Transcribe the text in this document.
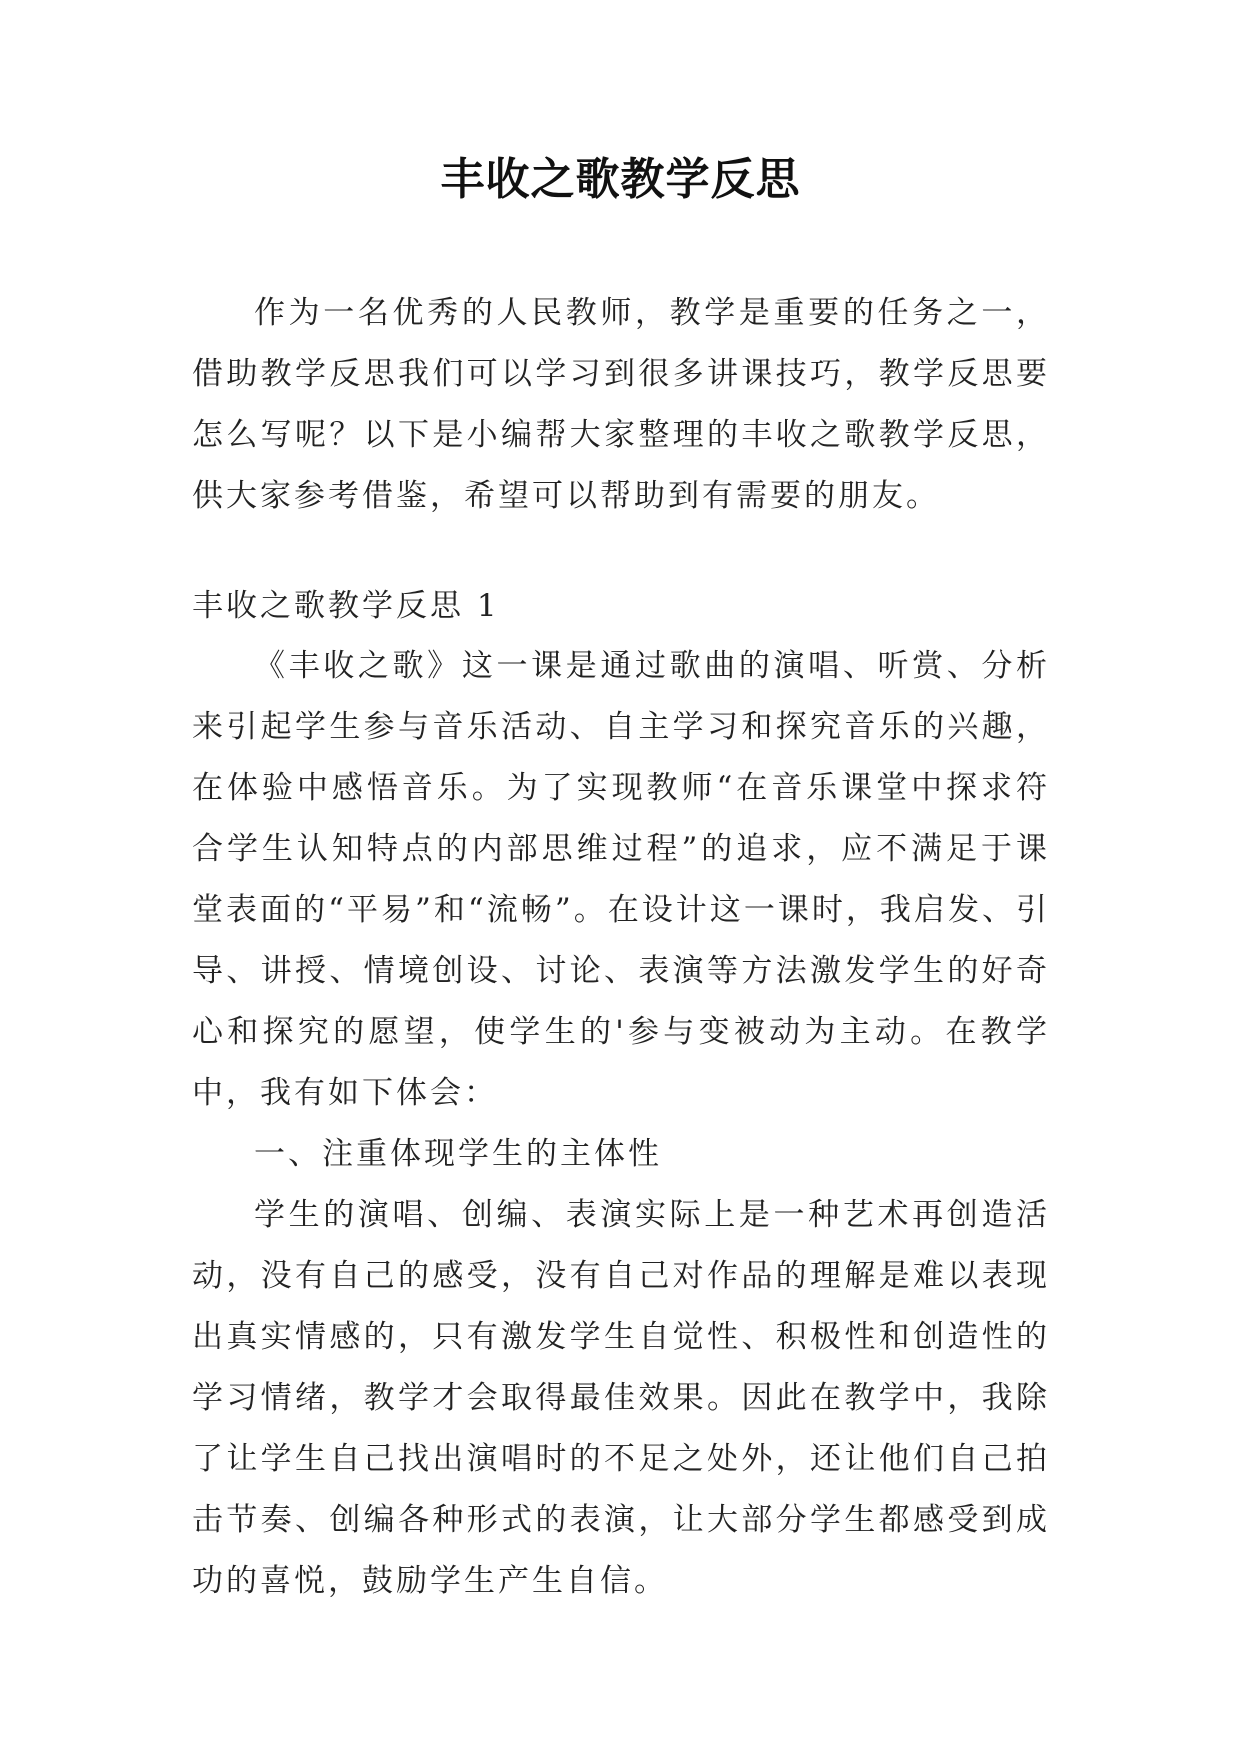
丰收之歌教学反思
作为一名优秀的人民教师，教学是重要的任务之一，借助教学反思我们可以学习到很多讲课技巧，教学反思要怎么写呢？以下是小编帮大家整理的丰收之歌教学反思，供大家参考借鉴，希望可以帮助到有需要的朋友。
丰收之歌教学反思 1

《丰收之歌》这一课是通过歌曲的演唱、听赏、分析来引起学生参与音乐活动、自主学习和探究音乐的兴趣，在体验中感悟音乐。为了实现教师“在音乐课堂中探求符合学生认知特点的内部思维过程”的追求，应不满足于课堂表面的“平易”和“流畅”。在设计这一课时，我启发、引导、讲授、情境创设、讨论、表演等方法激发学生的好奇心和探究的愿望，使学生的'参与变被动为主动。在教学中，我有如下体会：

一、注重体现学生的主体性

学生的演唱、创编、表演实际上是一种艺术再创造活动，没有自己的感受，没有自己对作品的理解是难以表现出真实情感的，只有激发学生自觉性、积极性和创造性的学习情绪，教学才会取得最佳效果。因此在教学中，我除了让学生自己找出演唱时的不足之处外，还让他们自己拍击节奏、创编各种形式的表演，让大部分学生都感受到成功的喜悦，鼓励学生产生自信。
